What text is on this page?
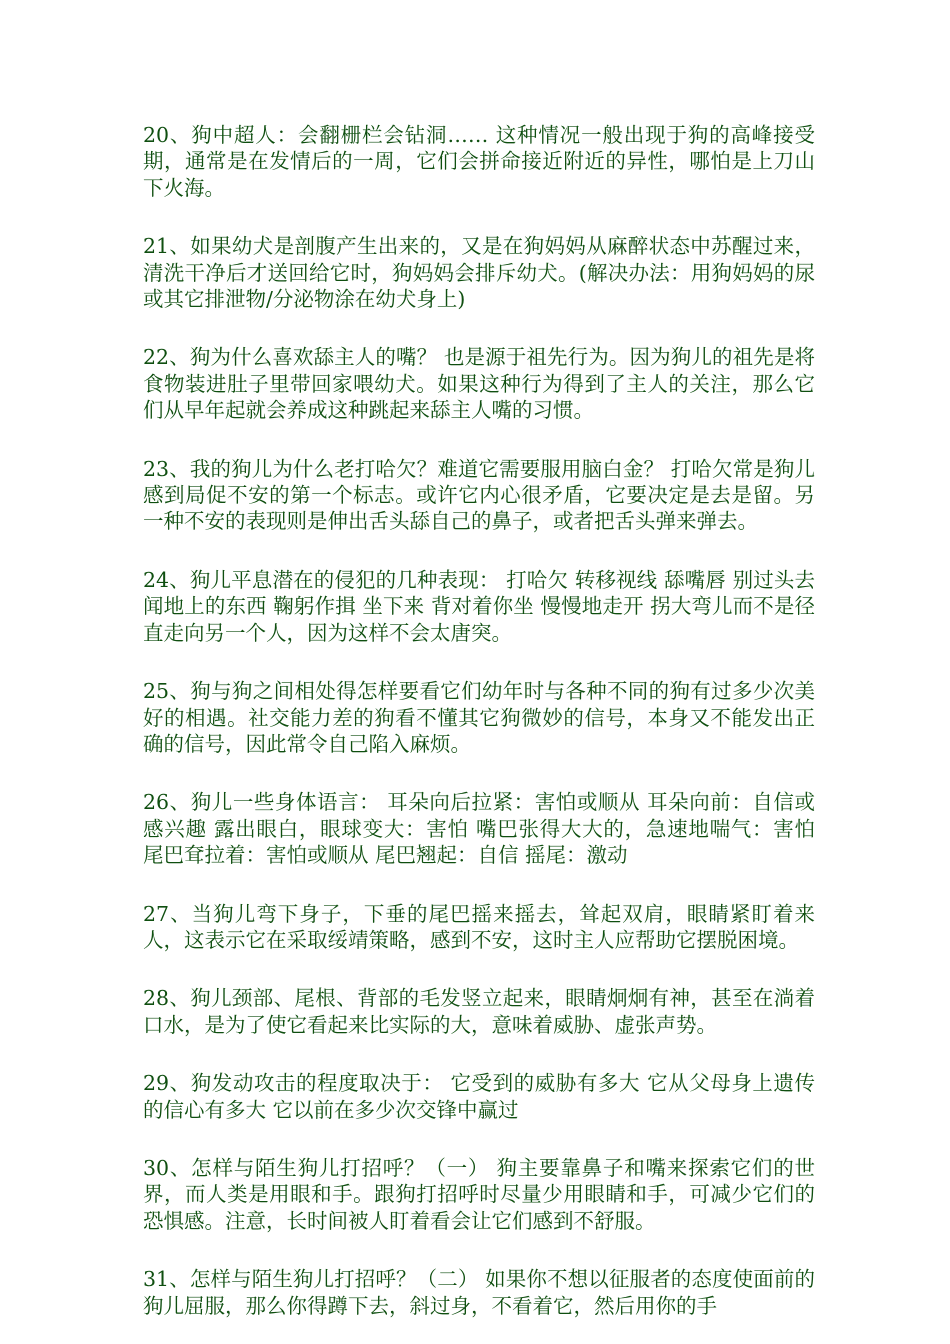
20、狗中超人：会翻栅栏会钻洞…… 这种情况一般出现于狗的高峰接受期，通常是在发情后的一周，它们会拼命接近附近的异性，哪怕是上刀山下火海。

21、如果幼犬是剖腹产生出来的，又是在狗妈妈从麻醉状态中苏醒过来，清洗干净后才送回给它时，狗妈妈会排斥幼犬。(解决办法：用狗妈妈的尿或其它排泄物/分泌物涂在幼犬身上)

22、狗为什么喜欢舔主人的嘴？ 也是源于祖先行为。因为狗儿的祖先是将食物装进肚子里带回家喂幼犬。如果这种行为得到了主人的关注，那么它们从早年起就会养成这种跳起来舔主人嘴的习惯。

23、我的狗儿为什么老打哈欠？难道它需要服用脑白金？ 打哈欠常是狗儿感到局促不安的第一个标志。或许它内心很矛盾，它要决定是去是留。另一种不安的表现则是伸出舌头舔自己的鼻子，或者把舌头弹来弹去。

24、狗儿平息潜在的侵犯的几种表现： 打哈欠 转移视线 舔嘴唇 别过头去 闻地上的东西 鞠躬作揖 坐下来 背对着你坐 慢慢地走开 拐大弯儿而不是径直走向另一个人，因为这样不会太唐突。

25、狗与狗之间相处得怎样要看它们幼年时与各种不同的狗有过多少次美好的相遇。社交能力差的狗看不懂其它狗微妙的信号，本身又不能发出正确的信号，因此常令自己陷入麻烦。

26、狗儿一些身体语言： 耳朵向后拉紧：害怕或顺从 耳朵向前：自信或感兴趣 露出眼白，眼球变大：害怕 嘴巴张得大大的，急速地喘气：害怕 尾巴耷拉着：害怕或顺从 尾巴翘起：自信 摇尾：激动

27、当狗儿弯下身子，下垂的尾巴摇来摇去，耸起双肩，眼睛紧盯着来人，这表示它在采取绥靖策略，感到不安，这时主人应帮助它摆脱困境。

28、狗儿颈部、尾根、背部的毛发竖立起来，眼睛炯炯有神，甚至在淌着口水，是为了使它看起来比实际的大，意味着威胁、虚张声势。

29、狗发动攻击的程度取决于： 它受到的威胁有多大 它从父母身上遗传的信心有多大 它以前在多少次交锋中赢过

30、怎样与陌生狗儿打招呼？（一） 狗主要靠鼻子和嘴来探索它们的世界，而人类是用眼和手。跟狗打招呼时尽量少用眼睛和手，可减少它们的恐惧感。注意，长时间被人盯着看会让它们感到不舒服。

31、怎样与陌生狗儿打招呼？（二） 如果你不想以征服者的态度使面前的狗儿屈服，那么你得蹲下去，斜过身，不看着它，然后用你的手
